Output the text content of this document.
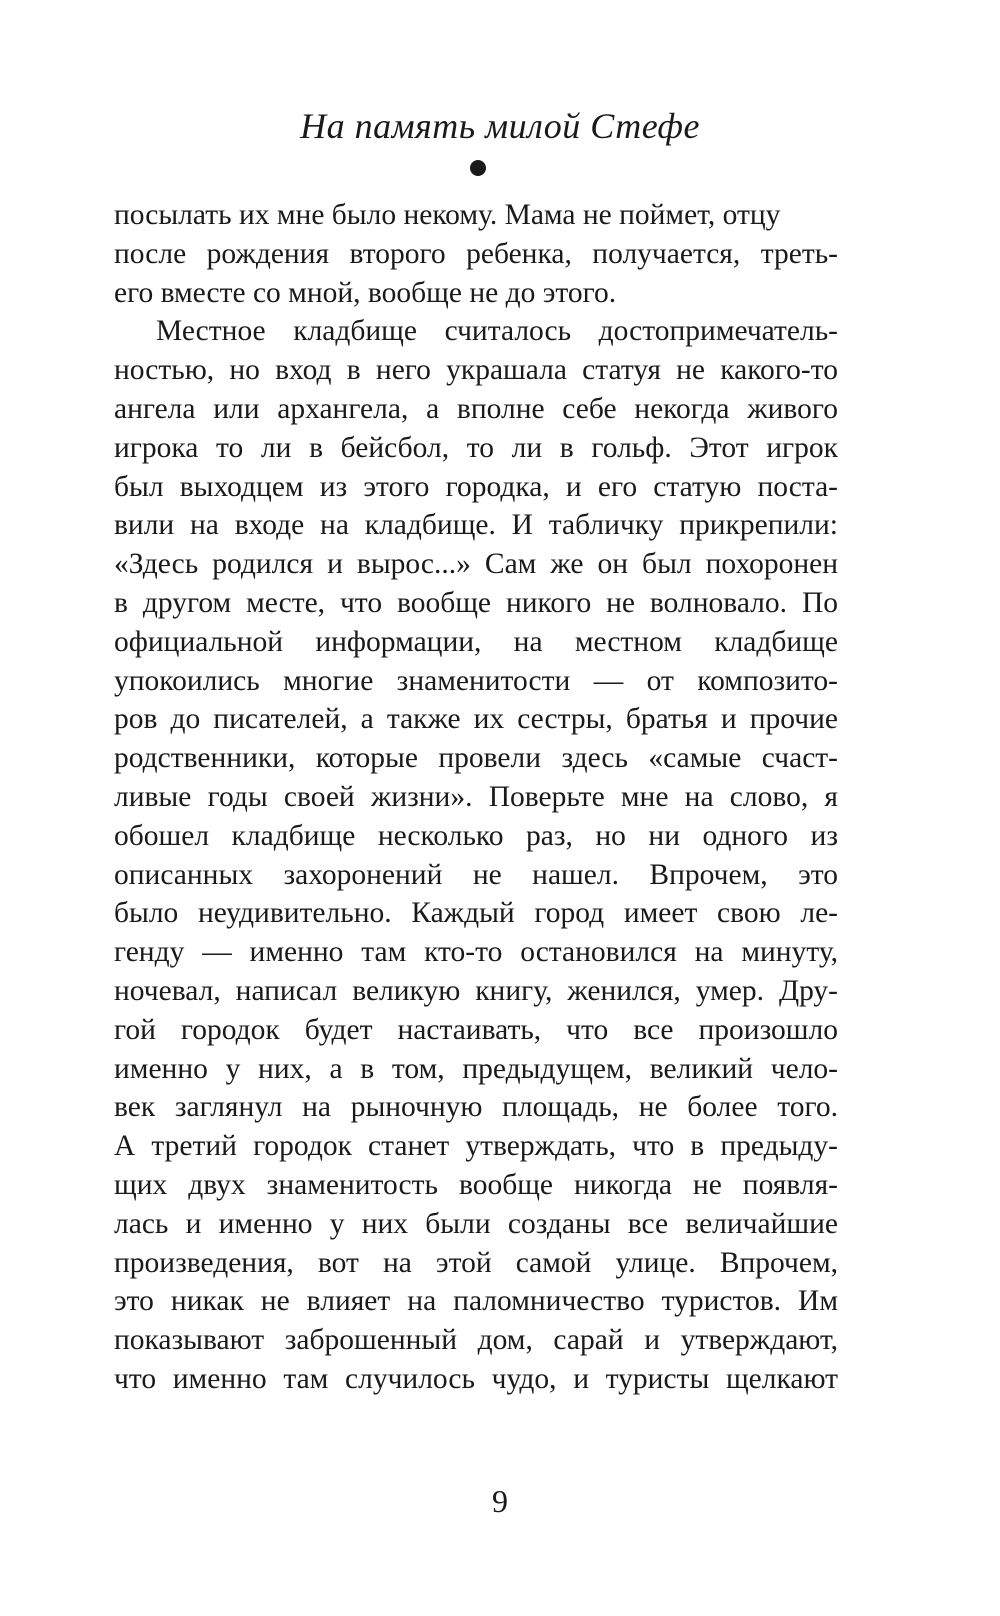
На память милой Стефе
посылать их мне было некому. Мама не поймет, отцу
после рождения второго ребенка, получается, треть-
его вместе со мной, вообще не до этого.
Местное кладбище считалось достопримечатель-
ностью, но вход в него украшала статуя не какого-то
ангела или архангела, а вполне себе некогда живого
игрока то ли в бейсбол, то ли в гольф. Этот игрок
был выходцем из этого городка, и его статую поста-
вили на входе на кладбище. И табличку прикрепили:
«Здесь родился и вырос...» Сам же он был похоронен
в другом месте, что вообще никого не волновало. По
официальной информации, на местном кладбище
упокоились многие знаменитости — от композито-
ров до писателей, а также их сестры, братья и прочие
родственники, которые провели здесь «самые счаст-
ливые годы своей жизни». Поверьте мне на слово, я
обошел кладбище несколько раз, но ни одного из
описанных захоронений не нашел. Впрочем, это
было неудивительно. Каждый город имеет свою ле-
генду — именно там кто-то остановился на минуту,
ночевал, написал великую книгу, женился, умер. Дру-
гой городок будет настаивать, что все произошло
именно у них, а в том, предыдущем, великий чело-
век заглянул на рыночную площадь, не более того.
А третий городок станет утверждать, что в предыду-
щих двух знаменитость вообще никогда не появля-
лась и именно у них были созданы все величайшие
произведения, вот на этой самой улице. Впрочем,
это никак не влияет на паломничество туристов. Им
показывают заброшенный дом, сарай и утверждают,
что именно там случилось чудо, и туристы щелкают
9
